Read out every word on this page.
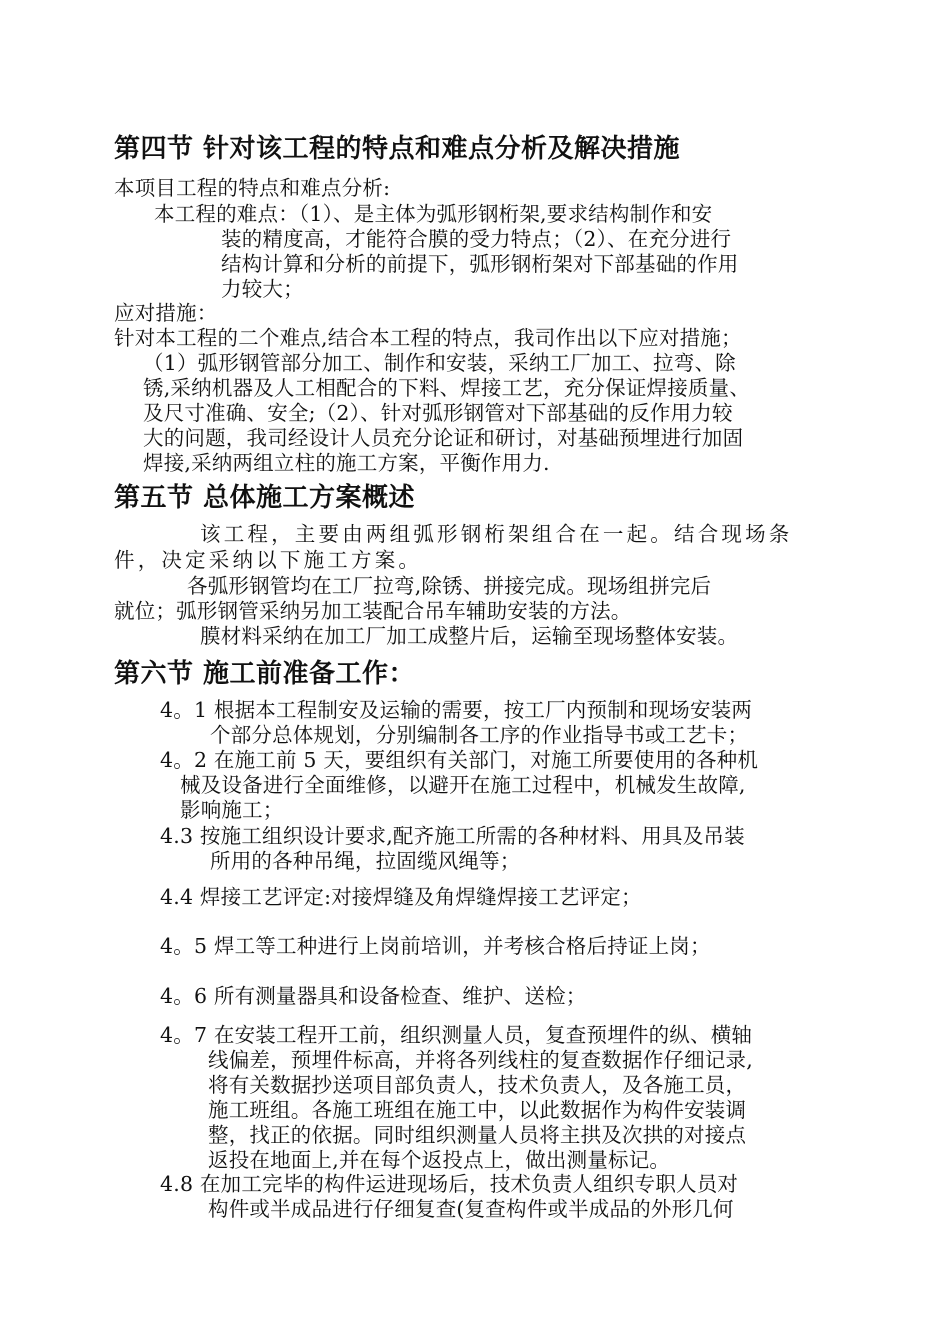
第四节 针对该工程的特点和难点分析及解决措施
本项目工程的特点和难点分析:
本工程的难点：（1）、是主体为弧形钢桁架,要求结构制作和安
装的精度高，才能符合膜的受力特点；（2）、在充分进行
结构计算和分析的前提下，弧形钢桁架对下部基础的作用
力较大；
应对措施：
针对本工程的二个难点,结合本工程的特点，我司作出以下应对措施；
（1）弧形钢管部分加工、制作和安装，采纳工厂加工、拉弯、除
锈,采纳机器及人工相配合的下料、焊接工艺，充分保证焊接质量、
及尺寸准确、安全;（2）、针对弧形钢管对下部基础的反作用力较
大的问题，我司经设计人员充分论证和研讨，对基础预埋进行加固
焊接,采纳两组立柱的施工方案，平衡作用力.
第五节 总体施工方案概述
该工程，主要由两组弧形钢桁架组合在一起。结合现场条
件，决定采纳以下施工方案。
各弧形钢管均在工厂拉弯,除锈、拼接完成。现场组拼完后
就位；弧形钢管采纳另加工装配合吊车辅助安装的方法。
膜材料采纳在加工厂加工成整片后，运输至现场整体安装。
第六节 施工前准备工作：
4。1 根据本工程制安及运输的需要，按工厂内预制和现场安装两
个部分总体规划，分别编制各工序的作业指导书或工艺卡；
4。2 在施工前 5 天，要组织有关部门，对施工所要使用的各种机
械及设备进行全面维修，以避开在施工过程中，机械发生故障,
影响施工；
4.3 按施工组织设计要求,配齐施工所需的各种材料、用具及吊装
所用的各种吊绳，拉固缆风绳等；
4.4 焊接工艺评定:对接焊缝及角焊缝焊接工艺评定；
4。5 焊工等工种进行上岗前培训，并考核合格后持证上岗；
4。6 所有测量器具和设备检查、维护、送检；
4。7 在安装工程开工前，组织测量人员，复查预埋件的纵、横轴
线偏差，预埋件标高，并将各列线柱的复查数据作仔细记录,
将有关数据抄送项目部负责人，技术负责人，及各施工员，
施工班组。各施工班组在施工中，以此数据作为构件安装调
整，找正的依据。同时组织测量人员将主拱及次拱的对接点
返投在地面上,并在每个返投点上，做出测量标记。
4.8 在加工完毕的构件运进现场后，技术负责人组织专职人员对
构件或半成品进行仔细复查(复查构件或半成品的外形几何
